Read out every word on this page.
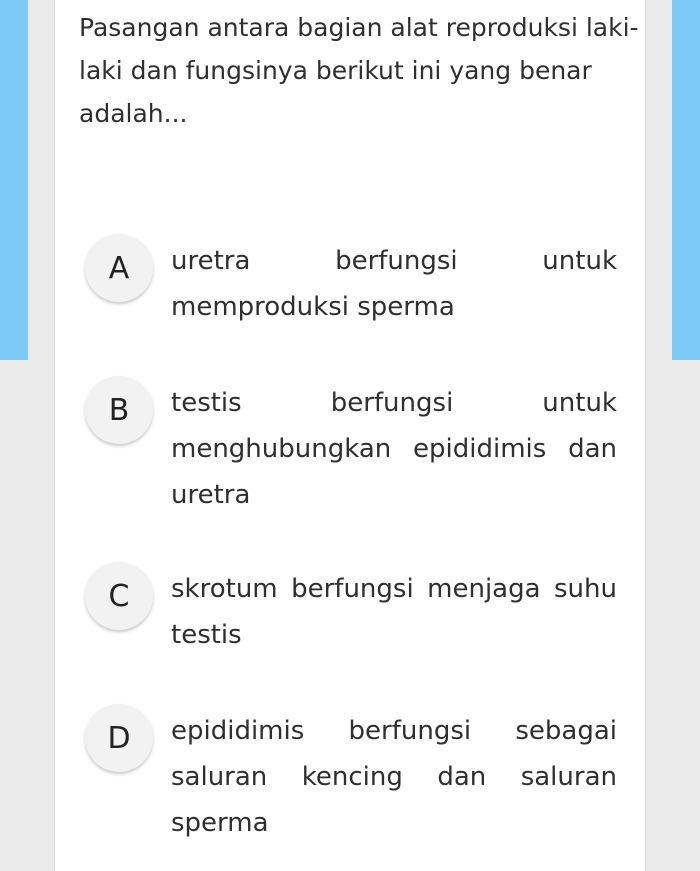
Pasangan antara bagian alat reproduksi laki-laki dan fungsinya berikut ini yang benar adalah...

A	uretra berfungsi untuk memproduksi sperma
B	testis berfungsi untuk menghubungkan epididimis dan uretra
C	skrotum berfungsi menjaga suhu testis
D	epididimis berfungsi sebagai saluran kencing dan saluran sperma
